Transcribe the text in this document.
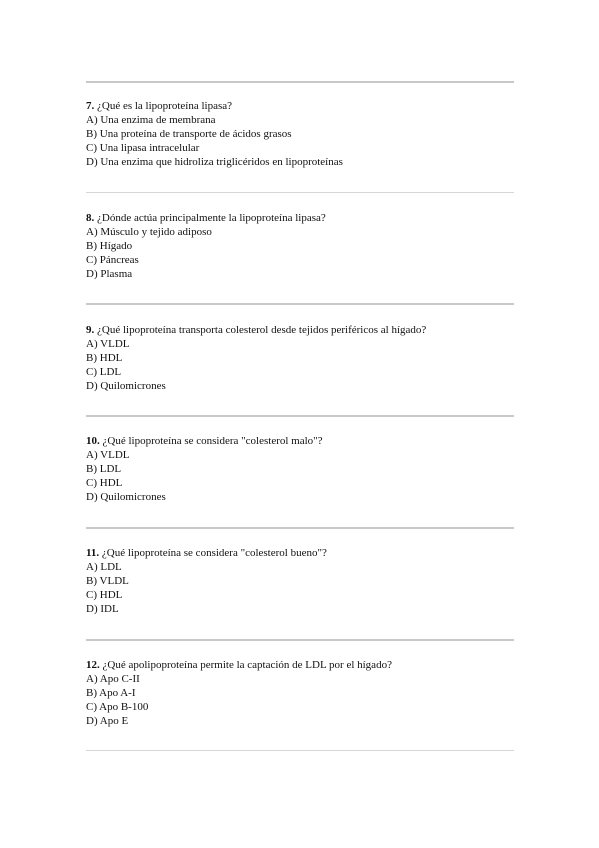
7. ¿Qué es la lipoproteína lipasa?

A) Una enzima de membrana

B) Una proteína de transporte de ácidos grasos

C) Una lipasa intracelular

D) Una enzima que hidroliza triglicéridos en lipoproteínas

8. ¿Dónde actúa principalmente la lipoproteína lipasa?

A) Músculo y tejido adiposo

B) Hígado

C) Páncreas

D) Plasma

9. ¿Qué lipoproteína transporta colesterol desde tejidos periféricos al hígado?

A) VLDL

B) HDL

C) LDL

D) Quilomicrones

10. ¿Qué lipoproteína se considera "colesterol malo"?

A) VLDL

B) LDL

C) HDL

D) Quilomicrones

11. ¿Qué lipoproteína se considera "colesterol bueno"?

A) LDL

B) VLDL

C) HDL

D) IDL

12. ¿Qué apolipoproteína permite la captación de LDL por el hígado?

A) Apo C-II

B) Apo A-I

C) Apo B-100

D) Apo E
